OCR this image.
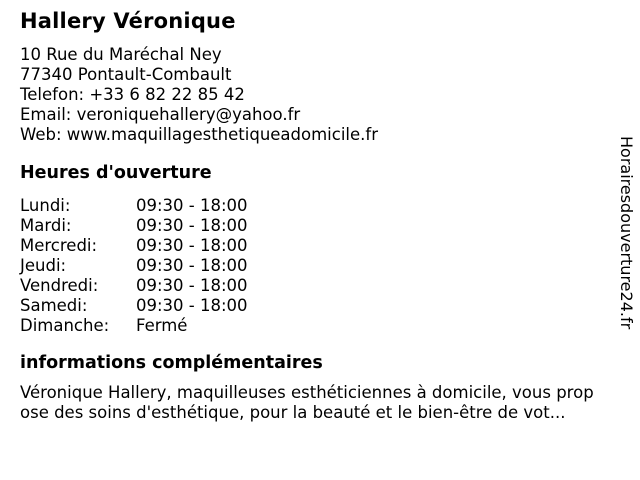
Hallery Véronique
10 Rue du Maréchal Ney
77340 Pontault-Combault
Telefon: +33 6 82 22 85 42
Email: veroniquehallery@yahoo.fr
Web: www.maquillagesthetiqueadomicile.fr
Heures d'ouverture
Lundi:	09:30 - 18:00
Mardi:	09:30 - 18:00
Mercredi:	09:30 - 18:00
Jeudi:	09:30 - 18:00
Vendredi:	09:30 - 18:00
Samedi:	09:30 - 18:00
Dimanche:	Fermé
informations complémentaires
Véronique Hallery, maquilleuses esthéticiennes à domicile, vous prop
ose des soins d'esthétique, pour la beauté et le bien-être de vot...
Horairesdouverture24.fr
